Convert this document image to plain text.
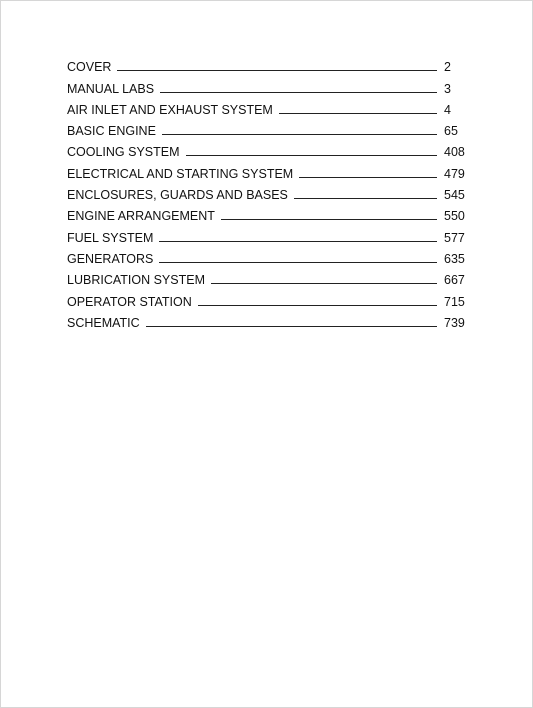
COVER	2
MANUAL LABS	3
AIR INLET AND EXHAUST SYSTEM	4
BASIC ENGINE	65
COOLING SYSTEM	408
ELECTRICAL AND STARTING SYSTEM	479
ENCLOSURES, GUARDS AND BASES	545
ENGINE ARRANGEMENT	550
FUEL SYSTEM	577
GENERATORS	635
LUBRICATION SYSTEM	667
OPERATOR STATION	715
SCHEMATIC	739
